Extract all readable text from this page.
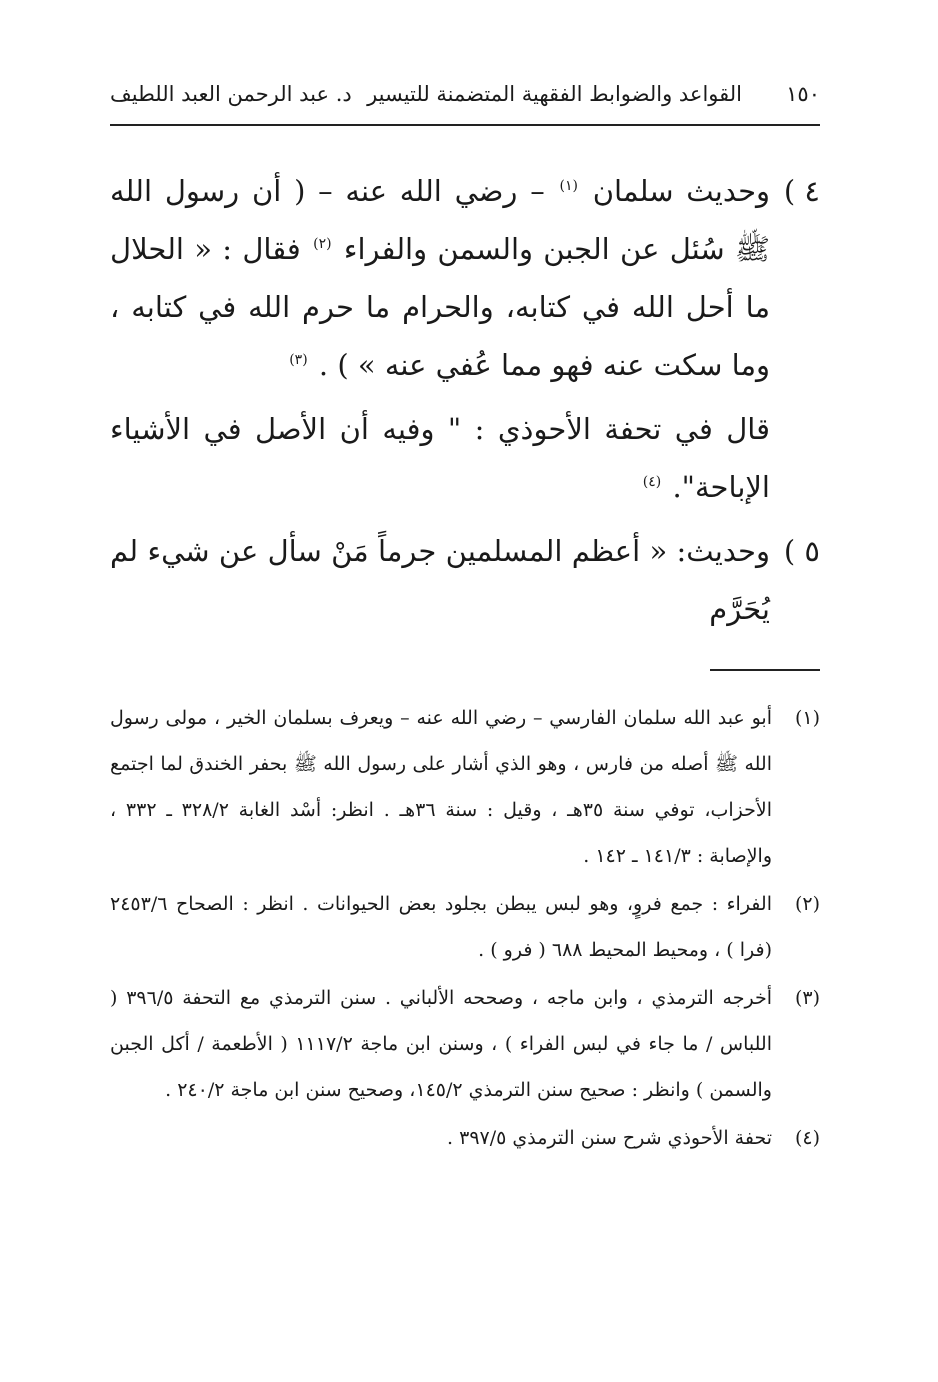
١٥٠
القواعد والضوابط الفقهية المتضمنة للتيسير
د. عبد الرحمن العبد اللطيف
٤ )
وحديث سلمان $^{(١)}$ – رضي الله عنه – ( أن رسول الله ﷺ سُئل عن الجبن والسمن والفراء $^{(٢)}$ فقال : « الحلال ما أحل الله في كتابه، والحرام ما حرم الله في كتابه ، وما سكت عنه فهو مما عُفي عنه » ) . $^{(٣)}$

قال في تحفة الأحوذي : " وفيه أن الأصل في الأشياء الإباحة". $^{(٤)}$

٥ )
وحديث: « أعظم المسلمين جرماً مَنْ سأل عن شيء لم يُحَرَّم
(١)
أبو عبد الله سلمان الفارسي – رضي الله عنه – ويعرف بسلمان الخير ، مولى رسول الله ﷺ أصله من فارس ، وهو الذي أشار على رسول الله ﷺ بحفر الخندق لما اجتمع الأحزاب، توفي سنة ٣٥هـ ، وقيل : سنة ٣٦هـ . انظر: أسْد الغابة ٣٢٨/٢ ـ ٣٣٢ ، والإصابة : ١٤١/٣ ـ ١٤٢ .
(٢)
الفراء : جمع فروٍ، وهو لبس يبطن بجلود بعض الحيوانات . انظر : الصحاح ٢٤٥٣/٦ (فرا ) ، ومحيط المحيط ٦٨٨ ( فرو ) .
(٣)
أخرجه الترمذي ، وابن ماجه ، وصححه الألباني . سنن الترمذي مع التحفة ٣٩٦/٥ ( اللباس / ما جاء في لبس الفراء ) ، وسنن ابن ماجة ١١١٧/٢ ( الأطعمة / أكل الجبن والسمن ) وانظر : صحيح سنن الترمذي ١٤٥/٢، وصحيح سنن ابن ماجة ٢٤٠/٢ .
(٤)
تحفة الأحوذي شرح سنن الترمذي ٣٩٧/٥ .
